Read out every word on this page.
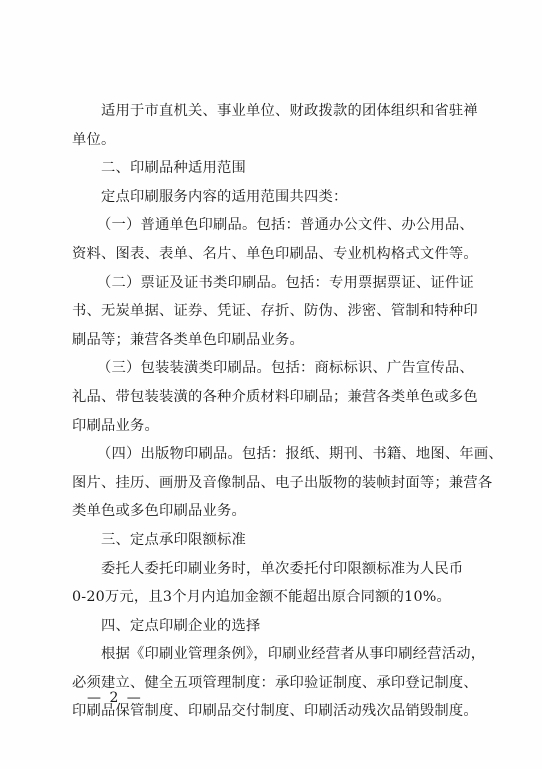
适用于市直机关、事业单位、财政拨款的团体组织和省驻禅
单位。
二、印刷品种适用范围
定点印刷服务内容的适用范围共四类：
（一）普通单色印刷品。包括：普通办公文件、办公用品、
资料、图表、表单、名片、单色印刷品、专业机构格式文件等。
（二）票证及证书类印刷品。包括：专用票据票证、证件证
书、无炭单据、证券、凭证、存折、防伪、涉密、管制和特种印
刷品等；兼营各类单色印刷品业务。
（三）包装装潢类印刷品。包括：商标标识、广告宣传品、
礼品、带包装装潢的各种介质材料印刷品；兼营各类单色或多色
印刷品业务。
（四）出版物印刷品。包括：报纸、期刊、书籍、地图、年画、
图片、挂历、画册及音像制品、电子出版物的装帧封面等；兼营各
类单色或多色印刷品业务。
三、定点承印限额标准
委托人委托印刷业务时，单次委托付印限额标准为人民币
0-20万元，且3个月内追加金额不能超出原合同额的10%。
四、定点印刷企业的选择
根据《印刷业管理条例》，印刷业经营者从事印刷经营活动，
必须建立、健全五项管理制度：承印验证制度、承印登记制度、
印刷品保管制度、印刷品交付制度、印刷活动残次品销毁制度。
— 2 —
